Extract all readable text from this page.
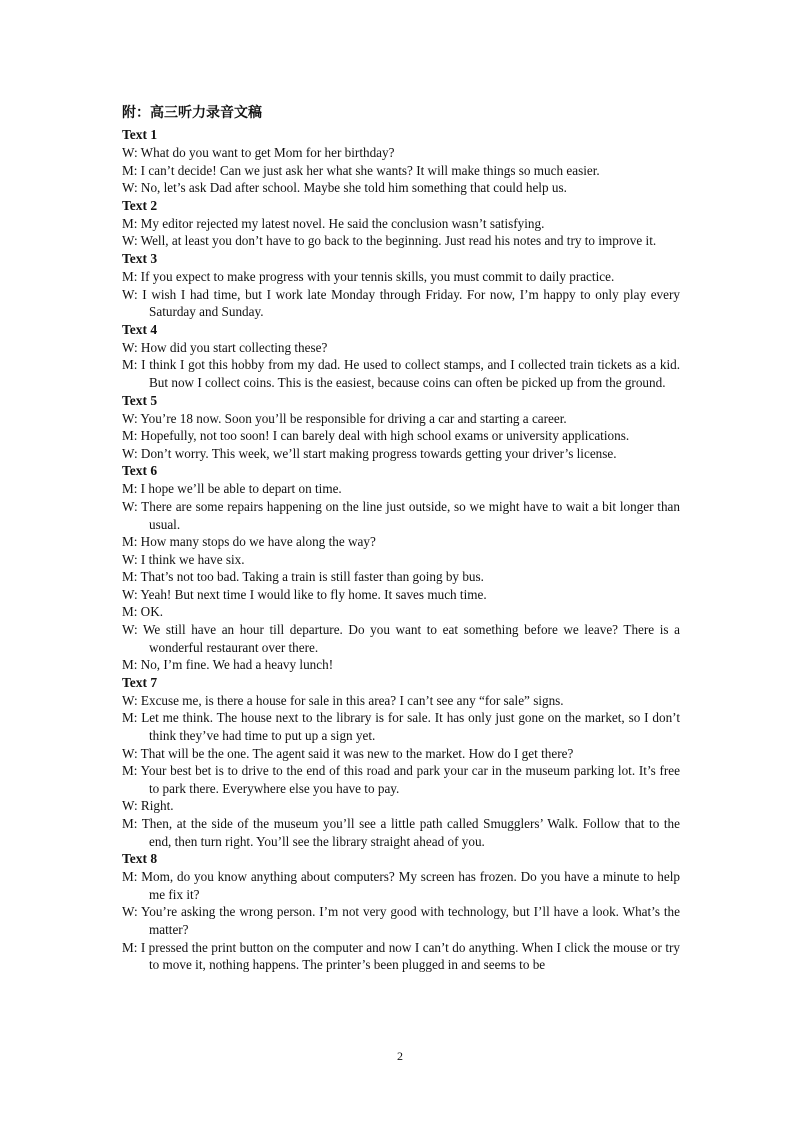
附：高三听力录音文稿
Text 1
W: What do you want to get Mom for her birthday?
M: I can’t decide! Can we just ask her what she wants? It will make things so much easier.
W: No, let’s ask Dad after school. Maybe she told him something that could help us.
Text 2
M: My editor rejected my latest novel. He said the conclusion wasn’t satisfying.
W: Well, at least you don’t have to go back to the beginning. Just read his notes and try to improve it.
Text 3
M: If you expect to make progress with your tennis skills, you must commit to daily practice.
W: I wish I had time, but I work late Monday through Friday. For now, I’m happy to only play every Saturday and Sunday.
Text 4
W: How did you start collecting these?
M: I think I got this hobby from my dad. He used to collect stamps, and I collected train tickets as a kid. But now I collect coins. This is the easiest, because coins can often be picked up from the ground.
Text 5
W: You’re 18 now. Soon you’ll be responsible for driving a car and starting a career.
M: Hopefully, not too soon! I can barely deal with high school exams or university applications.
W: Don’t worry. This week, we’ll start making progress towards getting your driver’s license.
Text 6
M: I hope we’ll be able to depart on time.
W: There are some repairs happening on the line just outside, so we might have to wait a bit longer than usual.
M: How many stops do we have along the way?
W: I think we have six.
M: That’s not too bad. Taking a train is still faster than going by bus.
W: Yeah! But next time I would like to fly home. It saves much time.
M: OK.
W: We still have an hour till departure. Do you want to eat something before we leave? There is a wonderful restaurant over there.
M: No, I’m fine. We had a heavy lunch!
Text 7
W: Excuse me, is there a house for sale in this area? I can’t see any “for sale” signs.
M: Let me think. The house next to the library is for sale. It has only just gone on the market, so I don’t think they’ve had time to put up a sign yet.
W: That will be the one. The agent said it was new to the market. How do I get there?
M: Your best bet is to drive to the end of this road and park your car in the museum parking lot. It’s free to park there. Everywhere else you have to pay.
W: Right.
M: Then, at the side of the museum you’ll see a little path called Smugglers’ Walk. Follow that to the end, then turn right. You’ll see the library straight ahead of you.
Text 8
M: Mom, do you know anything about computers? My screen has frozen. Do you have a minute to help me fix it?
W: You’re asking the wrong person. I’m not very good with technology, but I’ll have a look. What’s the matter?
M: I pressed the print button on the computer and now I can’t do anything. When I click the mouse or try to move it, nothing happens. The printer’s been plugged in and seems to be
2
